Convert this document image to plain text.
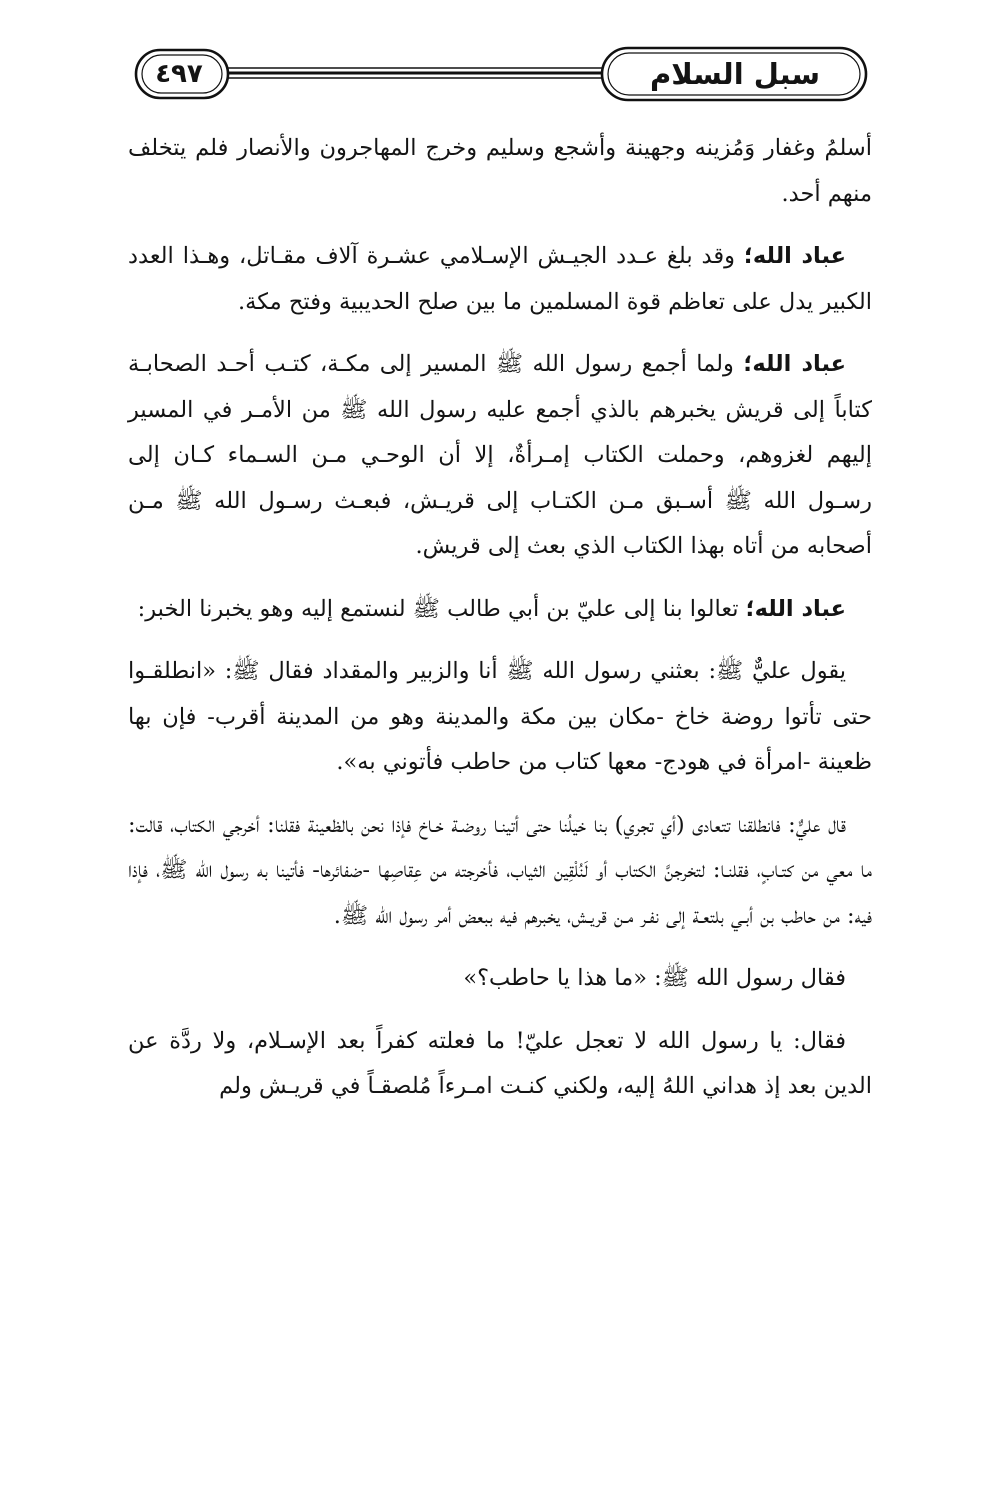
سبل السلام
٤٩٧

أسلمُ وغفار وَمُزينه وجهينة وأشجع وسليم وخرج المهاجرون والأنصار فلم يتخلف منهم أحد.

عباد الله؛ وقد بلغ عـدد الجيـش الإسـلامي عشـرة آلاف مقـاتل، وهـذا العدد الكبير يدل على تعاظم قوة المسلمين ما بين صلح الحديبية وفتح مكة.

عباد الله؛ ولما أجمع رسول الله ﷺ المسير إلى مكـة، كتـب أحـد الصحابـة كتاباً إلى قريش يخبرهم بالذي أجمع عليه رسول الله ﷺ من الأمـر في المسير إليهم لغزوهم، وحملت الكتاب إمـرأةٌ، إلا أن الوحـي مـن السـماء كـان إلى رسـول الله ﷺ أسـبق مـن الكتـاب إلى قريـش، فبعـث رسـول الله ﷺ مـن أصحابه من أتاه بهذا الكتاب الذي بعث إلى قريش.

عباد الله؛ تعالوا بنا إلى عليّ بن أبي طالب ﷺ لنستمع إليه وهو يخبرنا الخبر:

يقول عليٌّ ﷺ: بعثني رسول الله ﷺ أنا والزبير والمقداد فقال ﷺ: «انطلقـوا حتى تأتوا روضة خاخ -مكان بين مكة والمدينة وهو من المدينة أقرب- فإن بها ظعينة -امرأة في هودج- معها كتاب من حاطب فأتوني به».

قال عليٌّ: فانطلقنا تتعادى (أي تجري) بنا خيلُنا حتى أتينـا روضـة خـاخ فإذا نحن بالظعينة فقلنا: أخرجي الكتاب، قالت: ما معي من كتـابٍ، فقلنـا: لتخرجنَّ الكتاب أو لَنُلْقِين الثياب، فأخرجته من عِقاصِها -ضفائرها- فأتينا به رسول الله ﷺ، فإذا فيه: من حاطب بن أبـي بلتعـة إلى نفـر مـن قريـش، يخبرهم فيه ببعض أمر رسول الله ﷺ.

فقال رسول الله ﷺ: «ما هذا يا حاطب؟»

فقال: يا رسول الله لا تعجل عليّ! ما فعلته كفراً بعد الإسـلام، ولا ردَّة عن الدين بعد إذ هداني اللهُ إليه، ولكني كنـت امـرءاً مُلصقـاً في قريـش ولم
